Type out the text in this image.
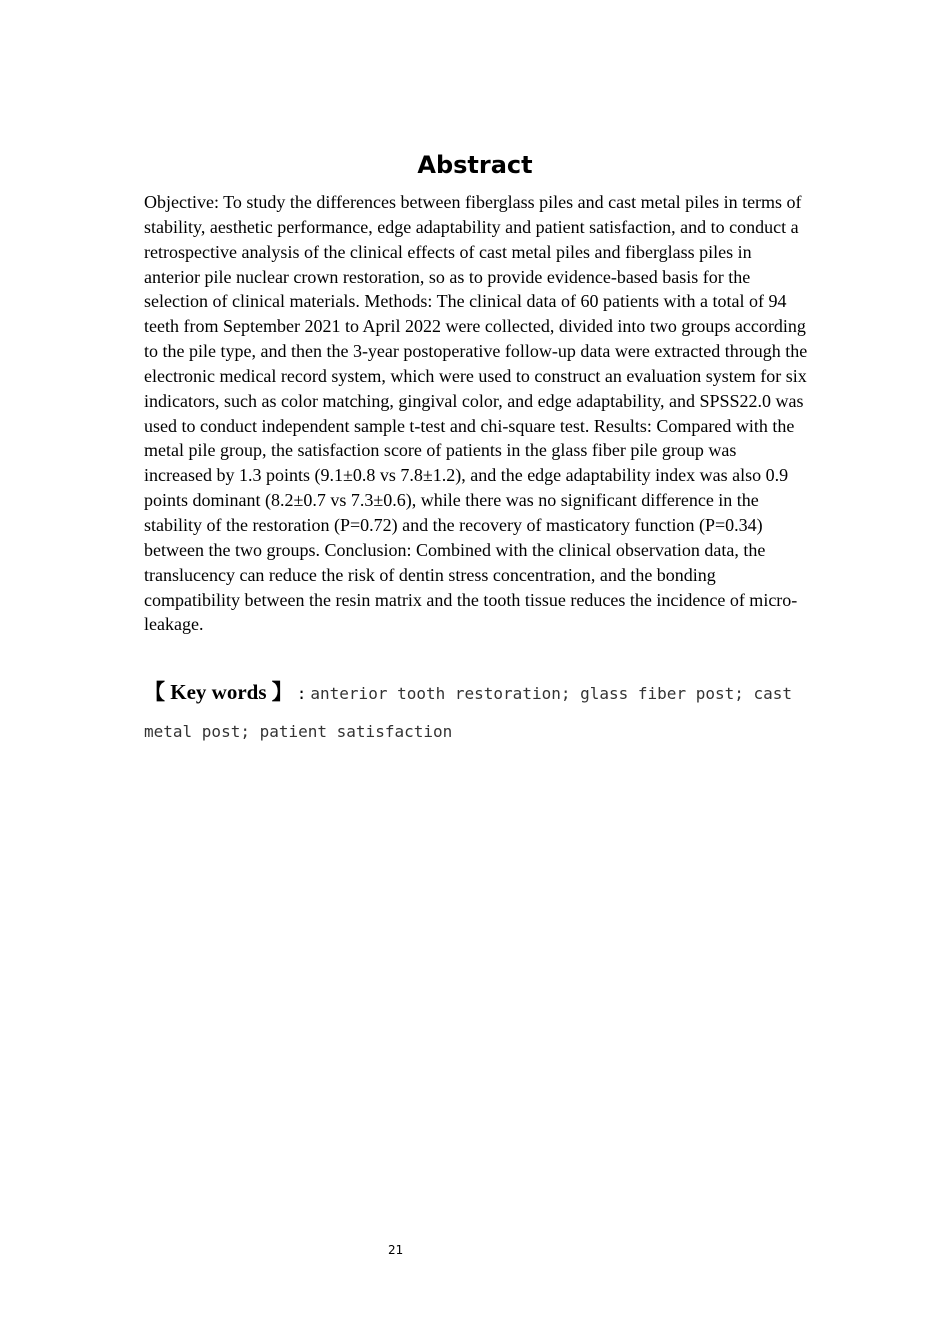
Abstract

Objective: To study the differences between fiberglass piles and cast metal piles in terms of stability, aesthetic performance, edge adaptability and patient satisfaction, and to conduct a retrospective analysis of the clinical effects of cast metal piles and fiberglass piles in anterior pile nuclear crown restoration, so as to provide evidence-based basis for the selection of clinical materials. Methods: The clinical data of 60 patients with a total of 94 teeth from September 2021 to April 2022 were collected, divided into two groups according to the pile type, and then the 3-year postoperative follow-up data were extracted through the electronic medical record system, which were used to construct an evaluation system for six indicators, such as color matching, gingival color, and edge adaptability, and SPSS22.0 was used to conduct independent sample t-test and chi-square test. Results: Compared with the metal pile group, the satisfaction score of patients in the glass fiber pile group was increased by 1.3 points (9.1±0.8 vs 7.8±1.2), and the edge adaptability index was also 0.9 points dominant (8.2±0.7 vs 7.3±0.6), while there was no significant difference in the stability of the restoration (P=0.72) and the recovery of masticatory function (P=0.34) between the two groups. Conclusion: Combined with the clinical observation data, the translucency can reduce the risk of dentin stress concentration, and the bonding compatibility between the resin matrix and the tooth tissue reduces the incidence of micro-leakage.

【 Key words 】 : anterior tooth restoration; glass fiber post; cast metal post; patient satisfaction

21
